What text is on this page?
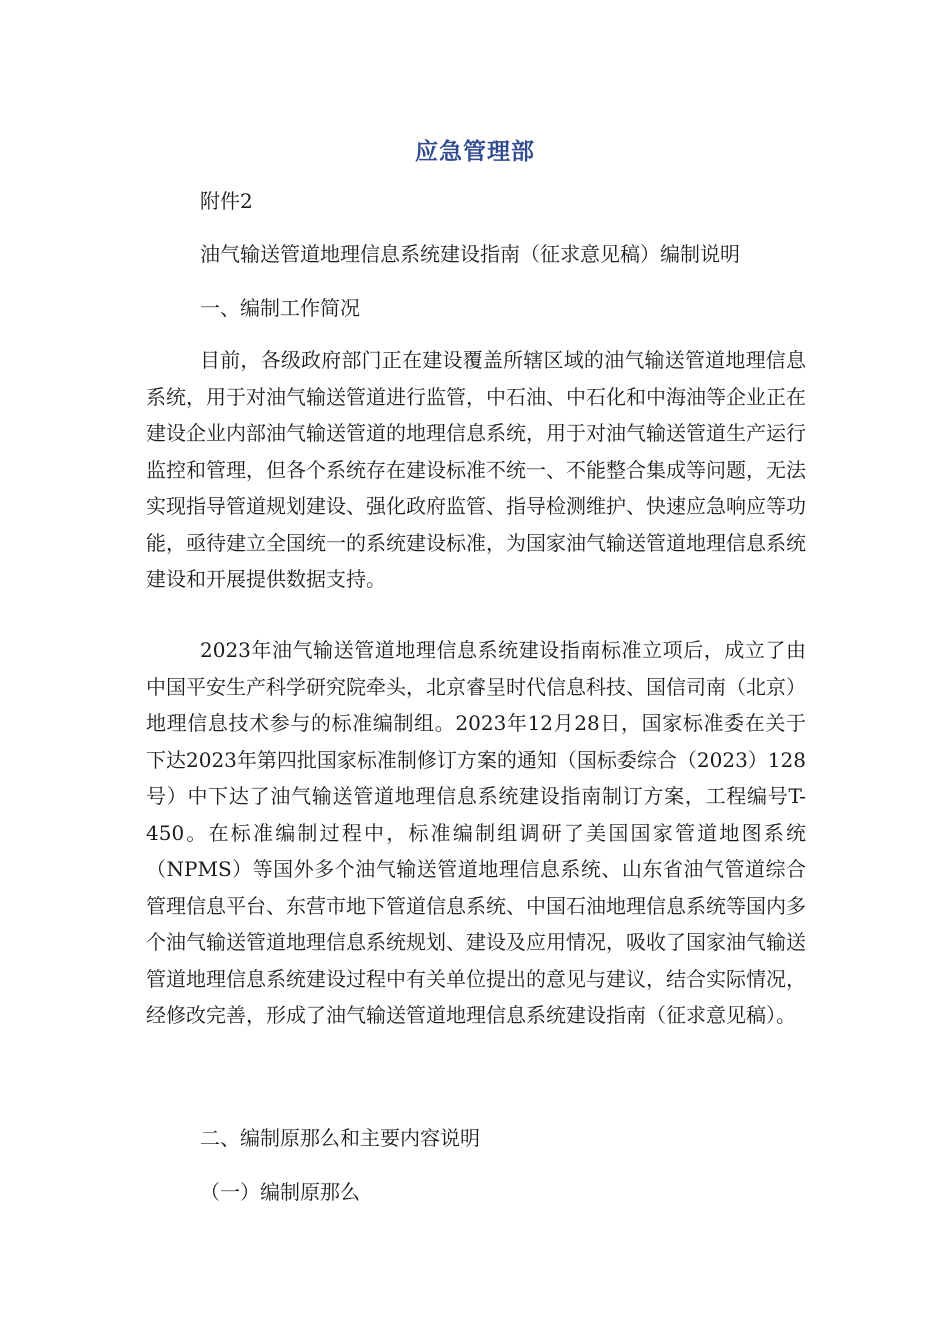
应急管理部
附件2
油气输送管道地理信息系统建设指南（征求意见稿）编制说明
一、编制工作简况
目前，各级政府部门正在建设覆盖所辖区域的油气输送管道地理信息系统，用于对油气输送管道进行监管，中石油、中石化和中海油等企业正在建设企业内部油气输送管道的地理信息系统，用于对油气输送管道生产运行监控和管理，但各个系统存在建设标准不统一、不能整合集成等问题，无法实现指导管道规划建设、强化政府监管、指导检测维护、快速应急响应等功能，亟待建立全国统一的系统建设标准，为国家油气输送管道地理信息系统建设和开展提供数据支持。
2023年油气输送管道地理信息系统建设指南标准立项后，成立了由中国平安生产科学研究院牵头，北京睿呈时代信息科技、国信司南（北京）地理信息技术参与的标准编制组。2023年12月28日，国家标准委在关于下达2023年第四批国家标准制修订方案的通知（国标委综合（2023）128号）中下达了油气输送管道地理信息系统建设指南制订方案，工程编号T-450。在标准编制过程中，标准编制组调研了美国国家管道地图系统（NPMS）等国外多个油气输送管道地理信息系统、山东省油气管道综合管理信息平台、东营市地下管道信息系统、中国石油地理信息系统等国内多个油气输送管道地理信息系统规划、建设及应用情况，吸收了国家油气输送管道地理信息系统建设过程中有关单位提出的意见与建议，结合实际情况，经修改完善，形成了油气输送管道地理信息系统建设指南（征求意见稿）。
二、编制原那么和主要内容说明
（一）编制原那么
